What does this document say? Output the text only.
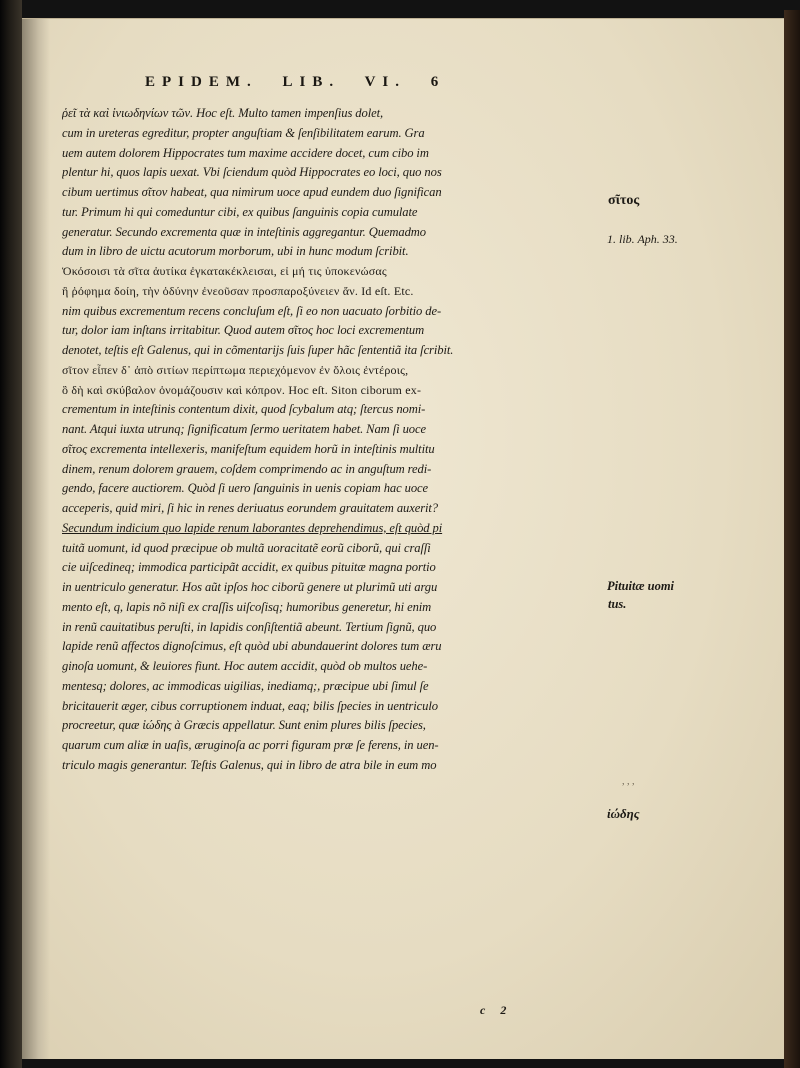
EPIDEM. LIB. VI. 6
ῥεῖ τὰ καὶ ἰνιωδηνίων τῶν. Hoc eſt. Multo tamen impenſius dolet,
cum in ureteras egreditur, propter anguſtiam & ſenſibilitatem earum. Gra
uem autem dolorem Hippocrates tum maxime accidere docet, cum cibo im
plentur hi, quos lapis uexat. Vbi ſciendum quòd Hippocrates eo loci, quo nos
cibum uertimus σῖτον habeat, qua nimirum uoce apud eundem duo ſignifican
tur. Primum hi qui comeduntur cibi, ex quibus ſanguinis copia cumulate
generatur. Secundo excrementa quæ in inteſtinis aggregantur. Quemadmo
dum in libro de uictu acutorum morborum, ubi in hunc modum ſcribit.
Ὁκόσοισι τὰ σῖτα ἀυτίκα ἐγκατακέκλεισαι, εἰ μή τις ὑποκενώσας
ἢ ῥόφημα δοίη, τὴν ὀδύνην ἐνεοῦσαν προσπαροξύνειεν ἄν. Id eſt. Etc.
nim quibus excrementum recens concluſum eſt, ſi eo non uacuato ſorbitio de-
tur, dolor iam inſtans irritabitur. Quod autem σῖτος hoc loci excrementum
denotet, teſtis eſt Galenus, qui in cõmentarijs ſuis ſuper hãc ſententiã ita ſcribit.
σῖτον εἶπεν δ᾽ ἀπὸ σιτίων περίπτωμα περιεχόμενον ἐν ὅλοις ἐντέροις,
ὃ δὴ καὶ σκύβαλον ὀνομάζουσιν καὶ κόπρον. Hoc eſt. Siton ciborum ex-
crementum in inteſtinis contentum dixit, quod ſcybalum atq; ſtercus nomi-
nant. Atqui iuxta utrunq; ſignificatum ſermo ueritatem habet. Nam ſi uoce
σῖτος excrementa intellexeris, manifeſtum equidem horũ in inteſtinis multitu
dinem, renum dolorem grauem, coſdem comprimendo ac in anguſtum redi-
gendo, facere auctiorem. Quòd ſi uero ſanguinis in uenis copiam hac uoce
acceperis, quid miri, ſi hic in renes deriuatus eorundem grauitatem auxerit?
Secundum indicium quo lapide renum laborantes deprehendimus, eſt quòd pi
tuitã uomunt, id quod præcipue ob multã uoracitatẽ eorũ ciborũ, qui craſſi
cie uiſcedineq; immodica participãt accidit, ex quibus pituitæ magna portio
in uentriculo generatur. Hos aũt ipſos hoc ciborũ genere ut plurimũ uti argu
mento eſt, q, lapis nõ niſi ex craſſis uiſcoſisq; humoribus generetur, hi enim
in renũ cauitatibus peruſti, in lapidis conſiſtentiã abeunt. Tertium ſignũ, quo
lapide renũ affectos dignoſcimus, eſt quòd ubi abundauerint dolores tum æru
ginoſa uomunt, & leuiores fiunt. Hoc autem accidit, quòd ob multos uehe-
mentesq; dolores, ac immodicas uigilias, inediamq;, præcipue ubi ſimul ſe
bricitauerit æger, cibus corruptionem induat, eaq; bilis ſpecies in uentriculo
procreetur, quæ ἰώδης à Græcis appellatur. Sunt enim plures bilis ſpecies,
quarum cum aliæ in uaſis, æruginoſa ac porri figuram præ ſe ferens, in uen-
triculo magis generantur. Teſtis Galenus, qui in libro de atra bile in eum mo
c 2
σῖτος
1. lib. Aph. 33.
Pituitæ uomi
tus.
, , ,
ἰώδης
